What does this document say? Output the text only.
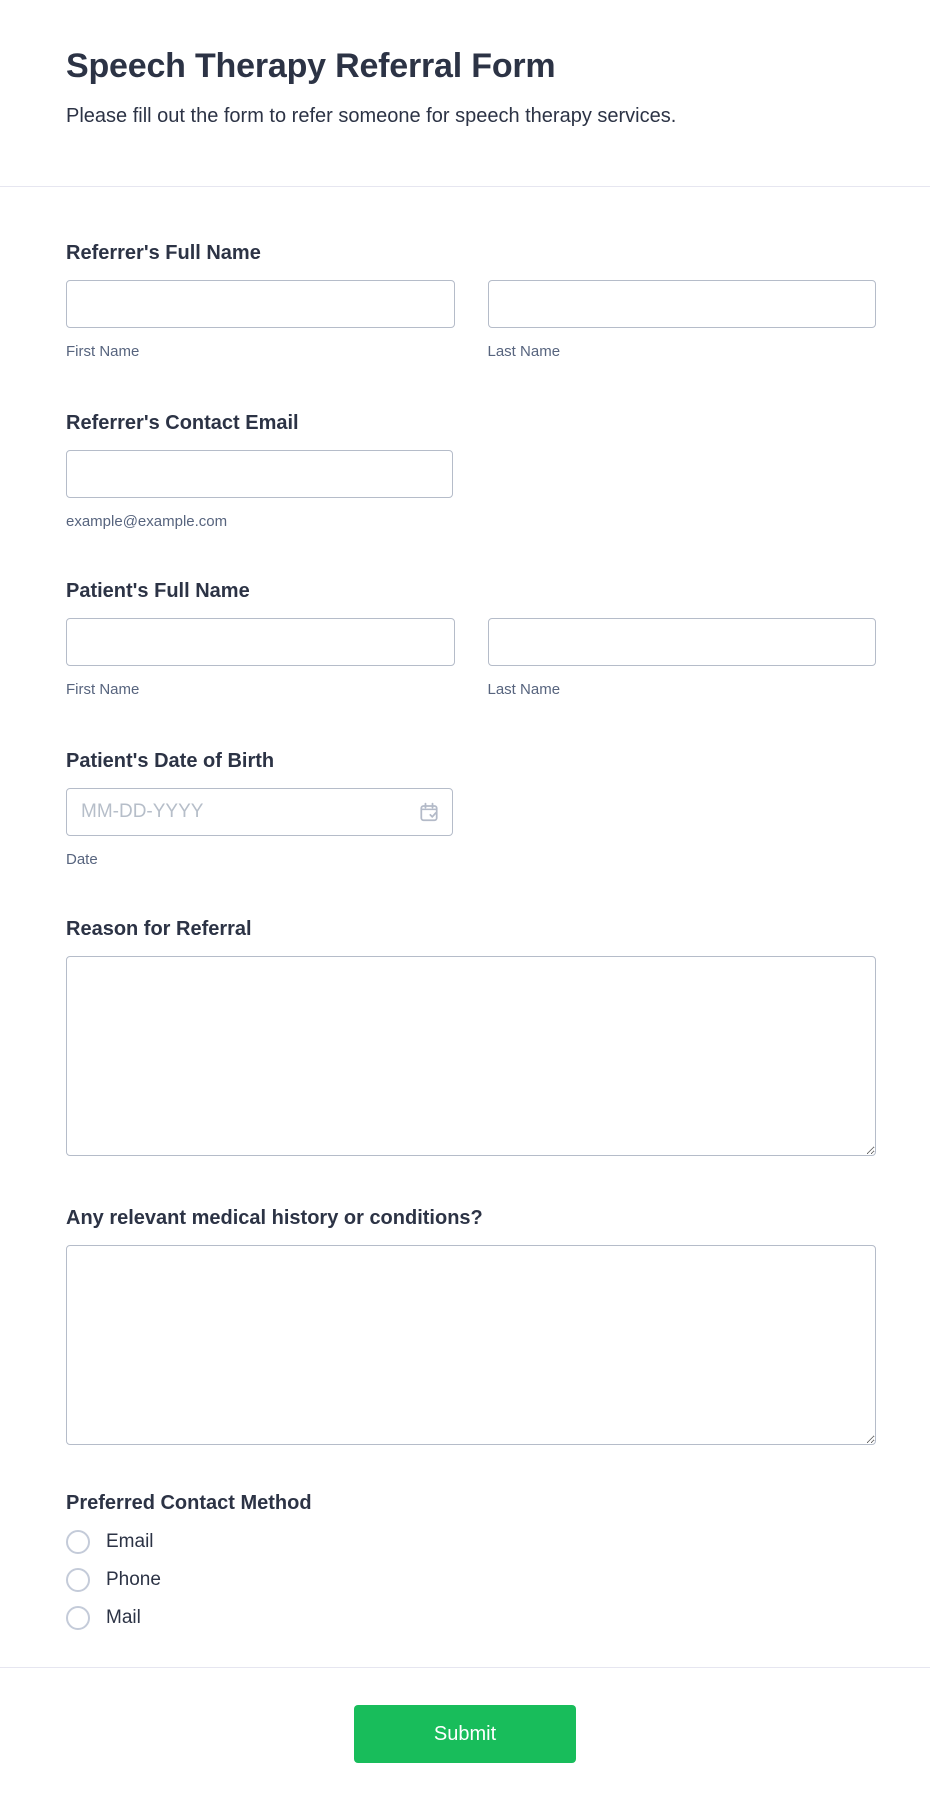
Speech Therapy Referral Form
Please fill out the form to refer someone for speech therapy services.
Referrer's Full Name
First Name	Last Name
Referrer's Contact Email
example@example.com
Patient's Full Name
First Name	Last Name
Patient's Date of Birth
MM-DD-YYYY
Date
Reason for Referral
Any relevant medical history or conditions?
Preferred Contact Method
Email
Phone
Mail
Submit
